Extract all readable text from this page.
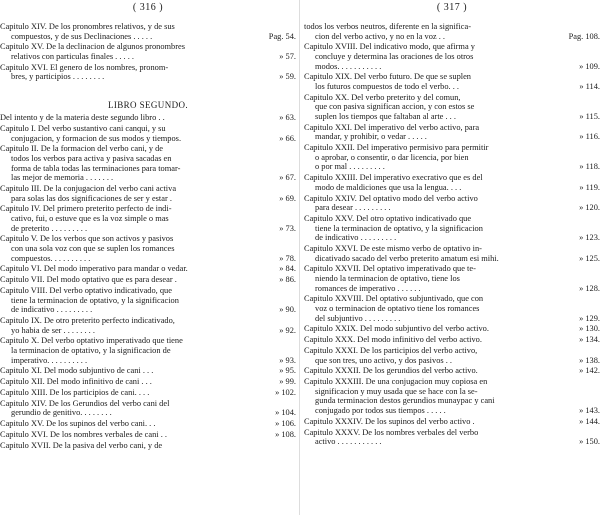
( 316 )
LIBRO SEGUNDO.
Capitulo XIV. De los pronombres relativos, y de sus
compuestos, y de sus Declinaciones . . . . .	Pag. 54.
Capitulo XV. De la declinacion de algunos pronombres
relativos con particulas finales . . . . .	» 57.
Capitulo XVI. El genero de los nombres, pronom-
bres, y participios . . . . . . . .	» 59.
Del intento y de la materia deste segundo libro . .	» 63.
Capitulo I. Del verbo sustantivo cani canqui, y su
conjugacion, y formacion de sus modos y tiempos.	» 66.
Capitulo II. De la formacion del verbo cani, y de
todos los verbos para activa y pasiva sacadas en
forma de tabla todas las terminaciones para tomar-
las mejor de memoria . . . . . . .	» 67.
Capitulo III. De la conjugacion del verbo cani activa
para solas las dos significaciones de ser y estar .	» 69.
Capitulo IV. Del primero preterito perfecto de indi-
cativo, fui, o estuve que es la voz simple o mas
de preterito . . . . . . . . .	» 73.
Capitulo V. De los verbos que son activos y pasivos
con una sola voz con que se suplen los romances
compuestos. . . . . . . . . .	» 78.
Capitulo VI. Del modo imperativo para mandar o vedar.	» 84.
Capitulo VII. Del modo optativo que es para desear .	» 86.
Capitulo VIII. Del verbo optativo indicativado, que
tiene la terminacion de optativo, y la significacion
de indicativo . . . . . . . . .	» 90.
Capitulo IX. De otro preterito perfecto indicativado,
yo habia de ser . . . . . . . .	» 92.
Capitulo X. Del verbo optativo imperativado que tiene
la terminacion de optativo, y la significacion de
imperativo. . . . . . . . . .	» 93.
Capitulo XI. Del modo subjuntivo de cani . . .	» 95.
Capitulo XII. Del modo infinitivo de cani . . .	» 99.
Capitulo XIII. De los participios de cani. . . .	» 102.
Capitulo XIV. De los Gerundios del verbo cani del
gerundio de genitivo. . . . . . . .	» 104.
Capitulo XV. De los supinos del verbo cani. . .	» 106.
Capitulo XVI. De los nombres verbales de cani . .	» 108.
Capitulo XVII. De la pasiva del verbo cani, y de
( 317 )
todos los verbos neutros, diferente en la significa-
cion del verbo activo, y no en la voz . .	Pag. 108.
Capitulo XVIII. Del indicativo modo, que afirma y
concluye y determina las oraciones de los otros
modos. . . . . . . . . . .	» 109.
Capitulo XIX. Del verbo futuro. De que se suplen
los futuros compuestos de todo el verbo. . .	» 114.
Capitulo XX. Del verbo preterito y del comun,
que con pasiva significan accion, y con estos se
suplen los tiempos que faltaban al arte . . .	» 115.
Capitulo XXI. Del imperativo del verbo activo, para
mandar, y prohibir, o vedar . . . . .	» 116.
Capitulo XXII. Del imperativo permisivo para permitir
o aprobar, o consentir, o dar licencia, por bien
o por mal . . . . . . . . .	» 118.
Capitulo XXIII. Del imperativo execrativo que es del
modo de maldiciones que usa la lengua. . . .	» 119.
Capitulo XXIV. Del optativo modo del verbo activo
para desear . . . . . . . . .	» 120.
Capitulo XXV. Del otro optativo indicativado que
tiene la terminacion de optativo, y la significacion
de indicativo . . . . . . . . .	» 123.
Capitulo XXVI. De este mismo verbo de optativo in-
dicativado sacado del verbo preterito amatum esi mihi.	» 125.
Capitulo XXVII. Del optativo imperativado que te-
niendo la terminacion de optativo, tiene los
romances de imperativo . . . . . .	» 128.
Capitulo XXVIII. Del optativo subjuntivado, que con
voz o terminacion de optativo tiene los romances
del subjuntivo . . . . . . . . .	» 129.
Capitulo XXIX. Del modo subjuntivo del verbo activo.	» 130.
Capitulo XXX. Del modo infinitivo del verbo activo.	» 134.
Capitulo XXXI. De los participios del verbo activo,
que son tres, uno activo, y dos pasivos . .	» 138.
Capitulo XXXII. De los gerundios del verbo activo.	» 142.
Capitulo XXXIII. De una conjugacion muy copiosa en
significacion y muy usada que se hace con la se-
gunda terminacion destos gerundios munaypac y cani
conjugado por todos sus tiempos . . . . .	» 143.
Capitulo XXXIV. De los supinos del verbo activo .	» 144.
Capitulo XXXV. De los nombres verbales del verbo
activo . . . . . . . . . . .	» 150.
